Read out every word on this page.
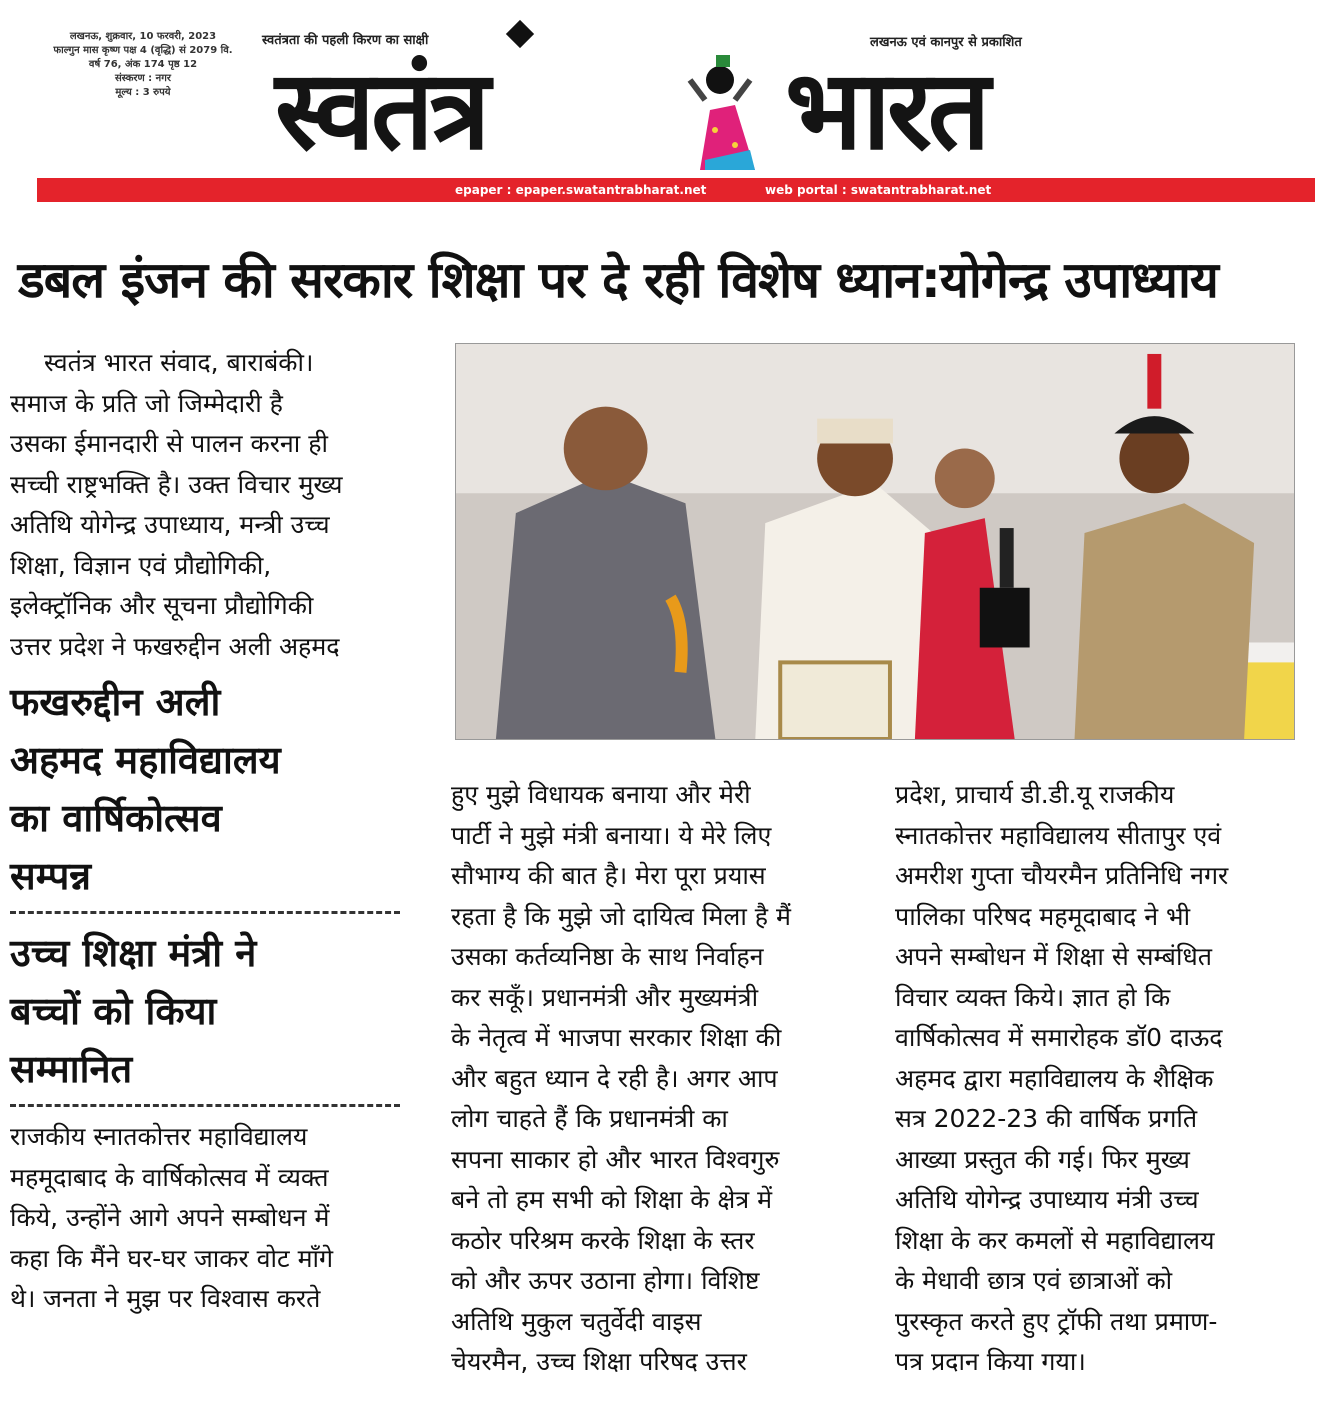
लखनऊ, शुक्रवार, 10 फरवरी, 2023
फाल्गुन मास कृष्ण पक्ष 4 (वृद्धि) सं 2079 वि.
वर्ष 76, अंक 174 पृष्ठ 12
संस्करण : नगर
मूल्य : 3 रुपये
स्वतंत्रता की पहली किरण का साक्षी	लखनऊ एवं कानपुर से प्रकाशित
स्वतंत्र	भारत
epaper : epaper.swatantrabharat.net	web portal : swatantrabharat.net
डबल इंजन की सरकार शिक्षा पर दे रही विशेष ध्यान:योगेन्द्र उपाध्याय
स्वतंत्र भारत संवाद, बाराबंकी।
समाज के प्रति जो जिम्मेदारी है
उसका ईमानदारी से पालन करना ही
सच्ची राष्ट्रभक्ति है। उक्त विचार मुख्य
अतिथि योगेन्द्र उपाध्याय, मन्त्री उच्च
शिक्षा, विज्ञान एवं प्रौद्योगिकी,
इलेक्ट्रॉनिक और सूचना प्रौद्योगिकी
उत्तर प्रदेश ने फखरुद्दीन अली अहमद
फखरुद्दीन अली
अहमद महाविद्यालय
का वार्षिकोत्सव
सम्पन्न
उच्च शिक्षा मंत्री ने
बच्चों को किया
सम्मानित
राजकीय स्नातकोत्तर महाविद्यालय
महमूदाबाद के वार्षिकोत्सव में व्यक्त
किये, उन्होंने आगे अपने सम्बोधन में
कहा कि मैंने घर-घर जाकर वोट माँगे
थे। जनता ने मुझ पर विश्वास करते
हुए मुझे विधायक बनाया और मेरी
पार्टी ने मुझे मंत्री बनाया। ये मेरे लिए
सौभाग्य की बात है। मेरा पूरा प्रयास
रहता है कि मुझे जो दायित्व मिला है मैं
उसका कर्तव्यनिष्ठा के साथ निर्वाहन
कर सकूँ। प्रधानमंत्री और मुख्यमंत्री
के नेतृत्व में भाजपा सरकार शिक्षा की
और बहुत ध्यान दे रही है। अगर आप
लोग चाहते हैं कि प्रधानमंत्री का
सपना साकार हो और भारत विश्वगुरु
बने तो हम सभी को शिक्षा के क्षेत्र में
कठोर परिश्रम करके शिक्षा के स्तर
को और ऊपर उठाना होगा। विशिष्ट
अतिथि मुकुल चतुर्वेदी वाइस
चेयरमैन, उच्च शिक्षा परिषद उत्तर
प्रदेश, प्राचार्य डी.डी.यू राजकीय
स्नातकोत्तर महाविद्यालय सीतापुर एवं
अमरीश गुप्ता चौयरमैन प्रतिनिधि नगर
पालिका परिषद महमूदाबाद ने भी
अपने सम्बोधन में शिक्षा से सम्बंधित
विचार व्यक्त किये। ज्ञात हो कि
वार्षिकोत्सव में समारोहक डॉ0 दाऊद
अहमद द्वारा महाविद्यालय के शैक्षिक
सत्र 2022-23 की वार्षिक प्रगति
आख्या प्रस्तुत की गई। फिर मुख्य
अतिथि योगेन्द्र उपाध्याय मंत्री उच्च
शिक्षा के कर कमलों से महाविद्यालय
के मेधावी छात्र एवं छात्राओं को
पुरस्कृत करते हुए ट्रॉफी तथा प्रमाण-
पत्र प्रदान किया गया।
